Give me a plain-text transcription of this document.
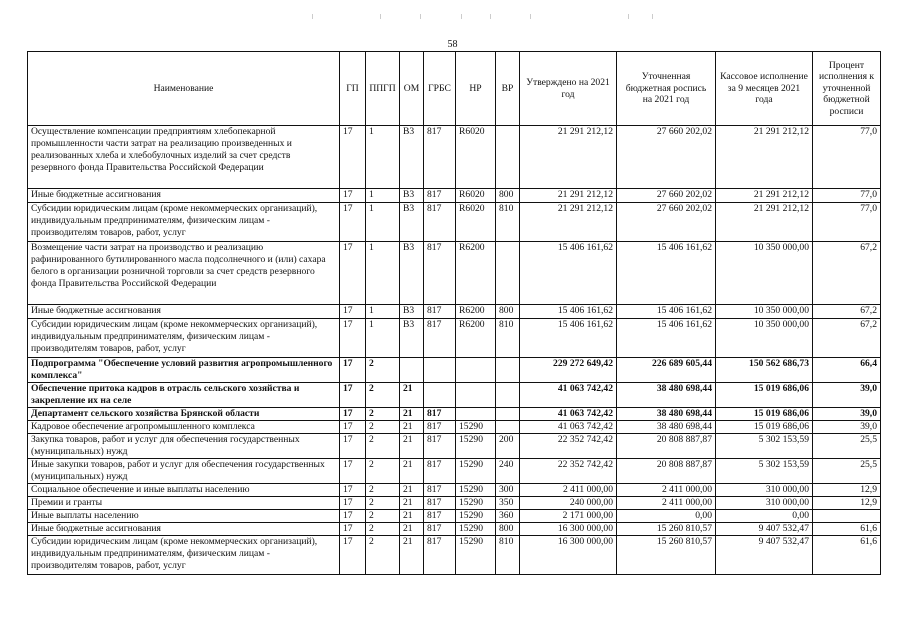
58
Наименование	ГП	ППГП	ОМ	ГРБС	НР	ВР	Утверждено на 2021 год	Уточненная бюджетная роспись на 2021 год	Кассовое исполнение за 9 месяцев 2021 года	Процент исполнения к уточненной бюджетной росписи
Осуществление компенсации предприятиям хлебопекарной промышленности части затрат на реализацию произведенных и реализованных хлеба и хлебобулочных изделий за счет средств резервного фонда Правительства Российской Федерации	17	1	В3	817	R6020		21 291 212,12	27 660 202,02	21 291 212,12	77,0
Иные бюджетные ассигнования	17	1	В3	817	R6020	800	21 291 212,12	27 660 202,02	21 291 212,12	77,0
Субсидии юридическим лицам (кроме некоммерческих организаций), индивидуальным предпринимателям, физическим лицам - производителям товаров, работ, услуг	17	1	В3	817	R6020	810	21 291 212,12	27 660 202,02	21 291 212,12	77,0
Возмещение части затрат на производство и реализацию рафинированного бутилированного масла подсолнечного и (или) сахара белого в организации розничной торговли за счет средств резервного фонда Правительства Российской Федерации	17	1	В3	817	R6200		15 406 161,62	15 406 161,62	10 350 000,00	67,2
Иные бюджетные ассигнования	17	1	В3	817	R6200	800	15 406 161,62	15 406 161,62	10 350 000,00	67,2
Субсидии юридическим лицам (кроме некоммерческих организаций), индивидуальным предпринимателям, физическим лицам - производителям товаров, работ, услуг	17	1	В3	817	R6200	810	15 406 161,62	15 406 161,62	10 350 000,00	67,2
Подпрограмма "Обеспечение условий развития агропромышленного комплекса"	17	2					229 272 649,42	226 689 605,44	150 562 686,73	66,4
Обеспечение притока кадров в отрасль сельского хозяйства и закрепление их на селе	17	2	21				41 063 742,42	38 480 698,44	15 019 686,06	39,0
Департамент сельского хозяйства Брянской области	17	2	21	817			41 063 742,42	38 480 698,44	15 019 686,06	39,0
Кадровое обеспечение агропромышленного комплекса	17	2	21	817	15290		41 063 742,42	38 480 698,44	15 019 686,06	39,0
Закупка товаров, работ и услуг для обеспечения государственных (муниципальных) нужд	17	2	21	817	15290	200	22 352 742,42	20 808 887,87	5 302 153,59	25,5
Иные закупки товаров, работ и услуг для обеспечения государственных (муниципальных) нужд	17	2	21	817	15290	240	22 352 742,42	20 808 887,87	5 302 153,59	25,5
Социальное обеспечение и иные выплаты населению	17	2	21	817	15290	300	2 411 000,00	2 411 000,00	310 000,00	12,9
Премии и гранты	17	2	21	817	15290	350	240 000,00	2 411 000,00	310 000,00	12,9
Иные выплаты населению	17	2	21	817	15290	360	2 171 000,00	0,00	0,00	
Иные бюджетные ассигнования	17	2	21	817	15290	800	16 300 000,00	15 260 810,57	9 407 532,47	61,6
Субсидии юридическим лицам (кроме некоммерческих организаций), индивидуальным предпринимателям, физическим лицам - производителям товаров, работ, услуг	17	2	21	817	15290	810	16 300 000,00	15 260 810,57	9 407 532,47	61,6
